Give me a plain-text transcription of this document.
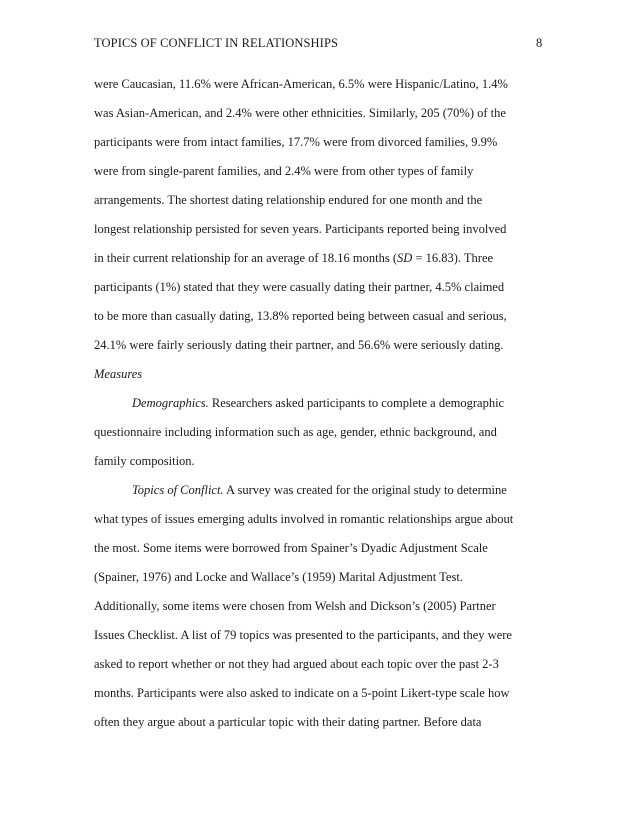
TOPICS OF CONFLICT IN RELATIONSHIPS	8
were Caucasian, 11.6% were African-American, 6.5% were Hispanic/Latino, 1.4%
was Asian-American, and 2.4% were other ethnicities. Similarly, 205 (70%) of the
participants were from intact families, 17.7% were from divorced families, 9.9%
were from single-parent families, and 2.4% were from other types of family
arrangements. The shortest dating relationship endured for one month and the
longest relationship persisted for seven years. Participants reported being involved
in their current relationship for an average of 18.16 months (SD = 16.83). Three
participants (1%) stated that they were casually dating their partner, 4.5% claimed
to be more than casually dating, 13.8% reported being between casual and serious,
24.1% were fairly seriously dating their partner, and 56.6% were seriously dating.
Measures
Demographics. Researchers asked participants to complete a demographic
questionnaire including information such as age, gender, ethnic background, and
family composition.
Topics of Conflict. A survey was created for the original study to determine
what types of issues emerging adults involved in romantic relationships argue about
the most. Some items were borrowed from Spainer’s Dyadic Adjustment Scale
(Spainer, 1976) and Locke and Wallace’s (1959) Marital Adjustment Test.
Additionally, some items were chosen from Welsh and Dickson’s (2005) Partner
Issues Checklist. A list of 79 topics was presented to the participants, and they were
asked to report whether or not they had argued about each topic over the past 2-3
months. Participants were also asked to indicate on a 5-point Likert-type scale how
often they argue about a particular topic with their dating partner. Before data
